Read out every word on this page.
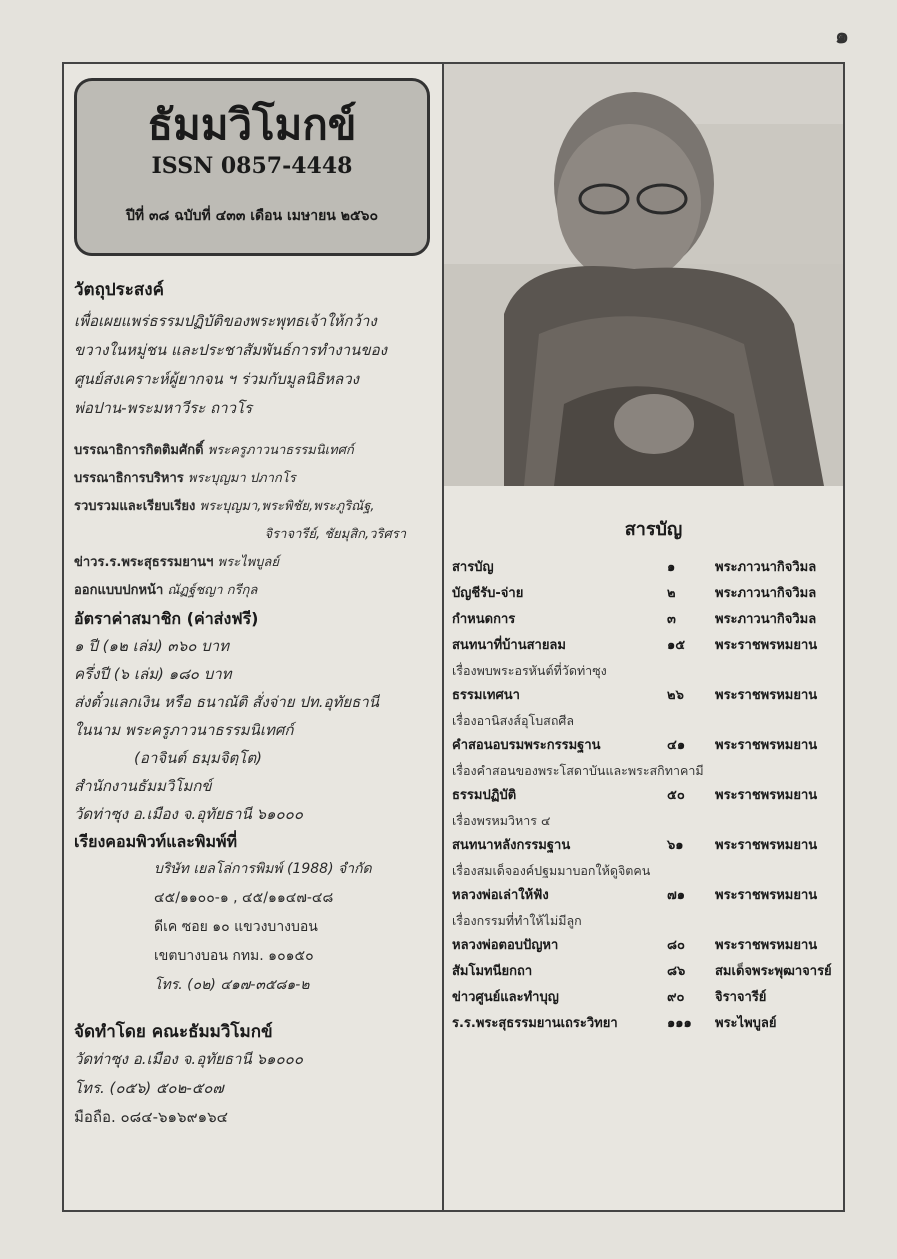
๑
ธัมมวิโมกข์
ISSN 0857-4448
ปีที่ ๓๘ ฉบับที่ ๔๓๓ เดือน เมษายน ๒๕๖๐
วัตถุประสงค์
เพื่อเผยแพร่ธรรมปฏิบัติของพระพุทธเจ้าให้กว้าง
ขวางในหมู่ชน และประชาสัมพันธ์การทำงานของ
ศูนย์สงเคราะห์ผู้ยากจน ฯ ร่วมกับมูลนิธิหลวง
พ่อปาน-พระมหาวีระ ถาวโร
บรรณาธิการกิตติมศักดิ์ พระครูภาวนาธรรมนิเทศก์
บรรณาธิการบริหาร พระบุญมา ปภากโร
รวบรวมและเรียบเรียง พระบุญมา,พระพิชัย,พระภูริณัฐ,
จิราจารีย์, ชัยมุสิก,วริศรา
ข่าวร.ร.พระสุธรรมยานฯ พระไพบูลย์
ออกแบบปกหน้า ณัฏฐ์ชญา กรีกุล
อัตราค่าสมาชิก (ค่าส่งฟรี)
๑ ปี (๑๒ เล่ม) ๓๖๐ บาท
ครึ่งปี (๖ เล่ม) ๑๘๐ บาท
ส่งตั๋วแลกเงิน หรือ ธนาณัติ สั่งจ่าย ปท.อุทัยธานี
ในนาม พระครูภาวนาธรรมนิเทศก์
(อาจินต์ ธมฺมจิตฺโต)
สำนักงานธัมมวิโมกข์
วัดท่าซุง อ.เมือง จ.อุทัยธานี ๖๑๐๐๐
เรียงคอมพิวท์และพิมพ์ที่
บริษัท เยลโล่การพิมพ์ (1988) จำกัด
๔๕/๑๑๐๐-๑ , ๔๕/๑๑๔๗-๔๘
ดีเค ซอย ๑๐ แขวงบางบอน
เขตบางบอน กทม. ๑๐๑๕๐
โทร. (๐๒) ๔๑๗-๓๕๘๑-๒
จัดทำโดย คณะธัมมวิโมกข์
วัดท่าซุง อ.เมือง จ.อุทัยธานี ๖๑๐๐๐
โทร. (๐๕๖) ๕๐๒-๕๐๗
มือถือ. ๐๘๔-๖๑๖๙๑๖๔
สารบัญ
สารบัญ	๑	พระภาวนากิจวิมล
บัญชีรับ-จ่าย	๒	พระภาวนากิจวิมล
กำหนดการ	๓	พระภาวนากิจวิมล
สนทนาที่บ้านสายลม	๑๕	พระราชพรหมยาน
เรื่องพบพระอรหันต์ที่วัดท่าซุง
ธรรมเทศนา	๒๖	พระราชพรหมยาน
เรื่องอานิสงส์อุโบสถศีล
คำสอนอบรมพระกรรมฐาน	๔๑	พระราชพรหมยาน
เรื่องคำสอนของพระโสดาบันและพระสกิทาคามี
ธรรมปฏิบัติ	๕๐	พระราชพรหมยาน
เรื่องพรหมวิหาร ๔
สนทนาหลังกรรมฐาน	๖๑	พระราชพรหมยาน
เรื่องสมเด็จองค์ปฐมมาบอกให้ดูจิตคน
หลวงพ่อเล่าให้ฟัง	๗๑	พระราชพรหมยาน
เรื่องกรรมที่ทำให้ไม่มีลูก
หลวงพ่อตอบปัญหา	๘๐	พระราชพรหมยาน
สัมโมทนียกถา	๘๖	สมเด็จพระพุฒาจารย์
ข่าวศูนย์และทำบุญ	๙๐	จิราจารีย์
ร.ร.พระสุธรรมยานเถระวิทยา	๑๑๑	พระไพบูลย์
